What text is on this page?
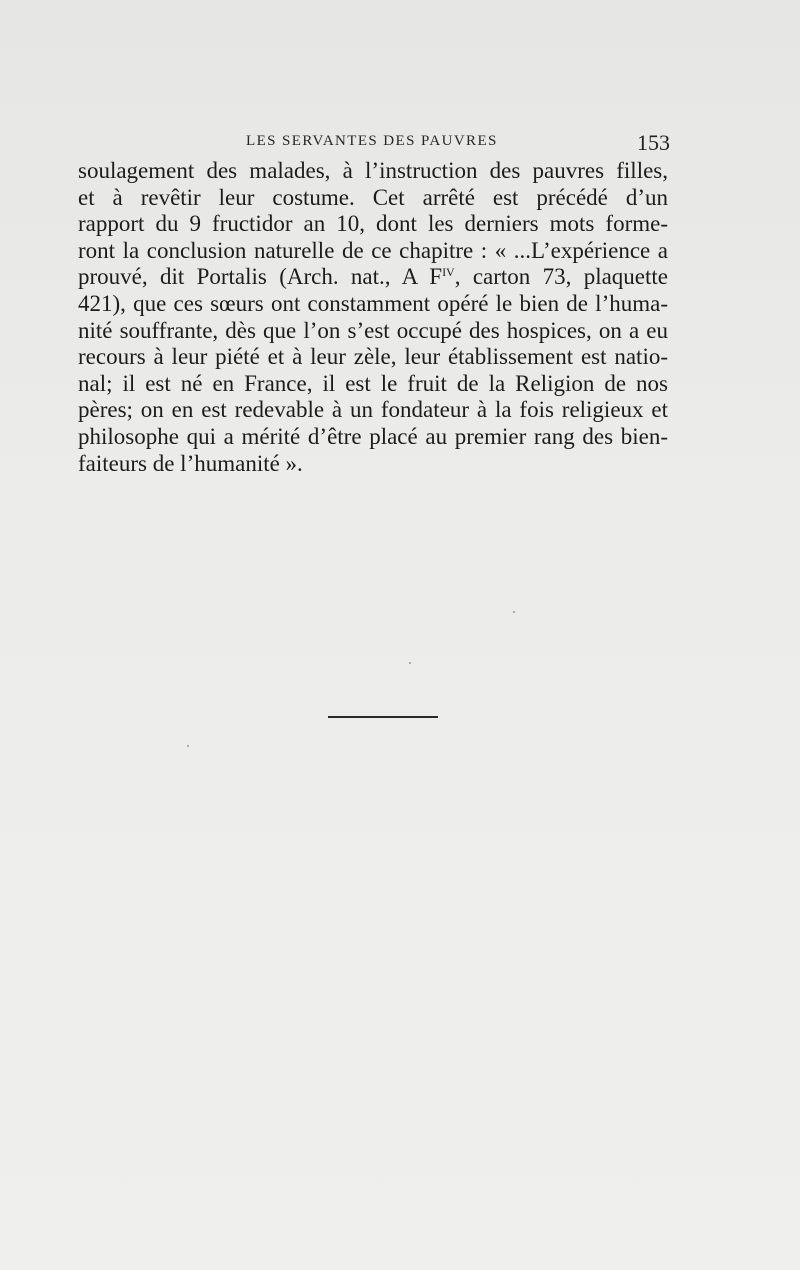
LES SERVANTES DES PAUVRES	153
soulagement des malades, à l’instruction des pauvres filles,
et à revêtir leur costume. Cet arrêté est précédé d’un
rapport du 9 fructidor an 10, dont les derniers mots forme-
ront la conclusion naturelle de ce chapitre : « ...L’expérience a
prouvé, dit Portalis (Arch. nat., A $F^{IV}$, carton 73, plaquette
421), que ces sœurs ont constamment opéré le bien de l’huma-
nité souffrante, dès que l’on s’est occupé des hospices, on a eu
recours à leur piété et à leur zèle, leur établissement est natio-
nal; il est né en France, il est le fruit de la Religion de nos
pères; on en est redevable à un fondateur à la fois religieux et
philosophe qui a mérité d’être placé au premier rang des bien-
faiteurs de l’humanité ».
